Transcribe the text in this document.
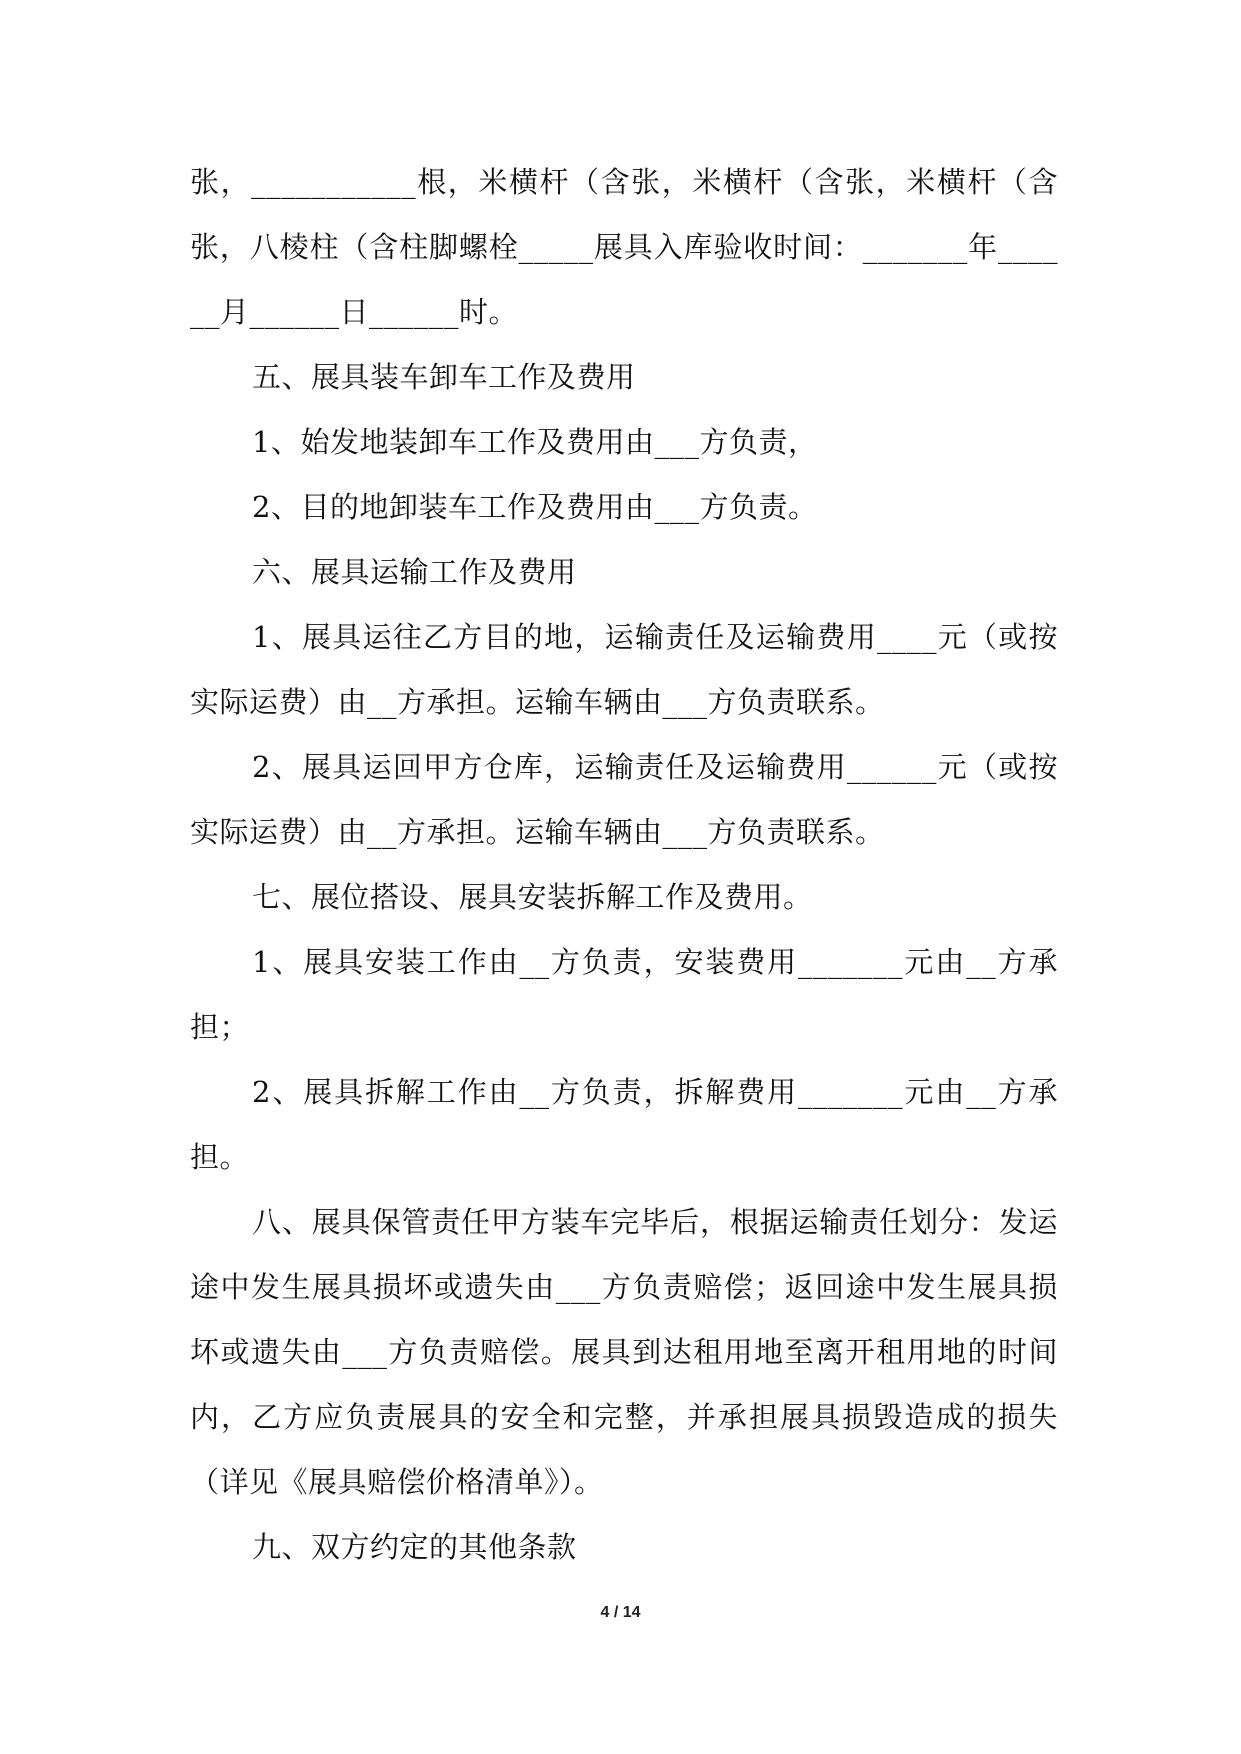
张，___________根，米横杆（含张，米横杆（含张，米横杆（含张，八棱柱（含柱脚螺栓_____展具入库验收时间：_______年______月______日______时。

五、展具装车卸车工作及费用

1、始发地装卸车工作及费用由___方负责，

2、目的地卸装车工作及费用由___方负责。

六、展具运输工作及费用

1、展具运往乙方目的地，运输责任及运输费用____元（或按实际运费）由__方承担。运输车辆由___方负责联系。

2、展具运回甲方仓库，运输责任及运输费用______元（或按实际运费）由__方承担。运输车辆由___方负责联系。

七、展位搭设、展具安装拆解工作及费用。

1、展具安装工作由__方负责，安装费用_______元由__方承担；

2、展具拆解工作由__方负责，拆解费用_______元由__方承担。

八、展具保管责任甲方装车完毕后，根据运输责任划分：发运途中发生展具损坏或遗失由___方负责赔偿；返回途中发生展具损坏或遗失由___方负责赔偿。展具到达租用地至离开租用地的时间内，乙方应负责展具的安全和完整，并承担展具损毁造成的损失（详见《展具赔偿价格清单》）。

九、双方约定的其他条款

4 / 14
